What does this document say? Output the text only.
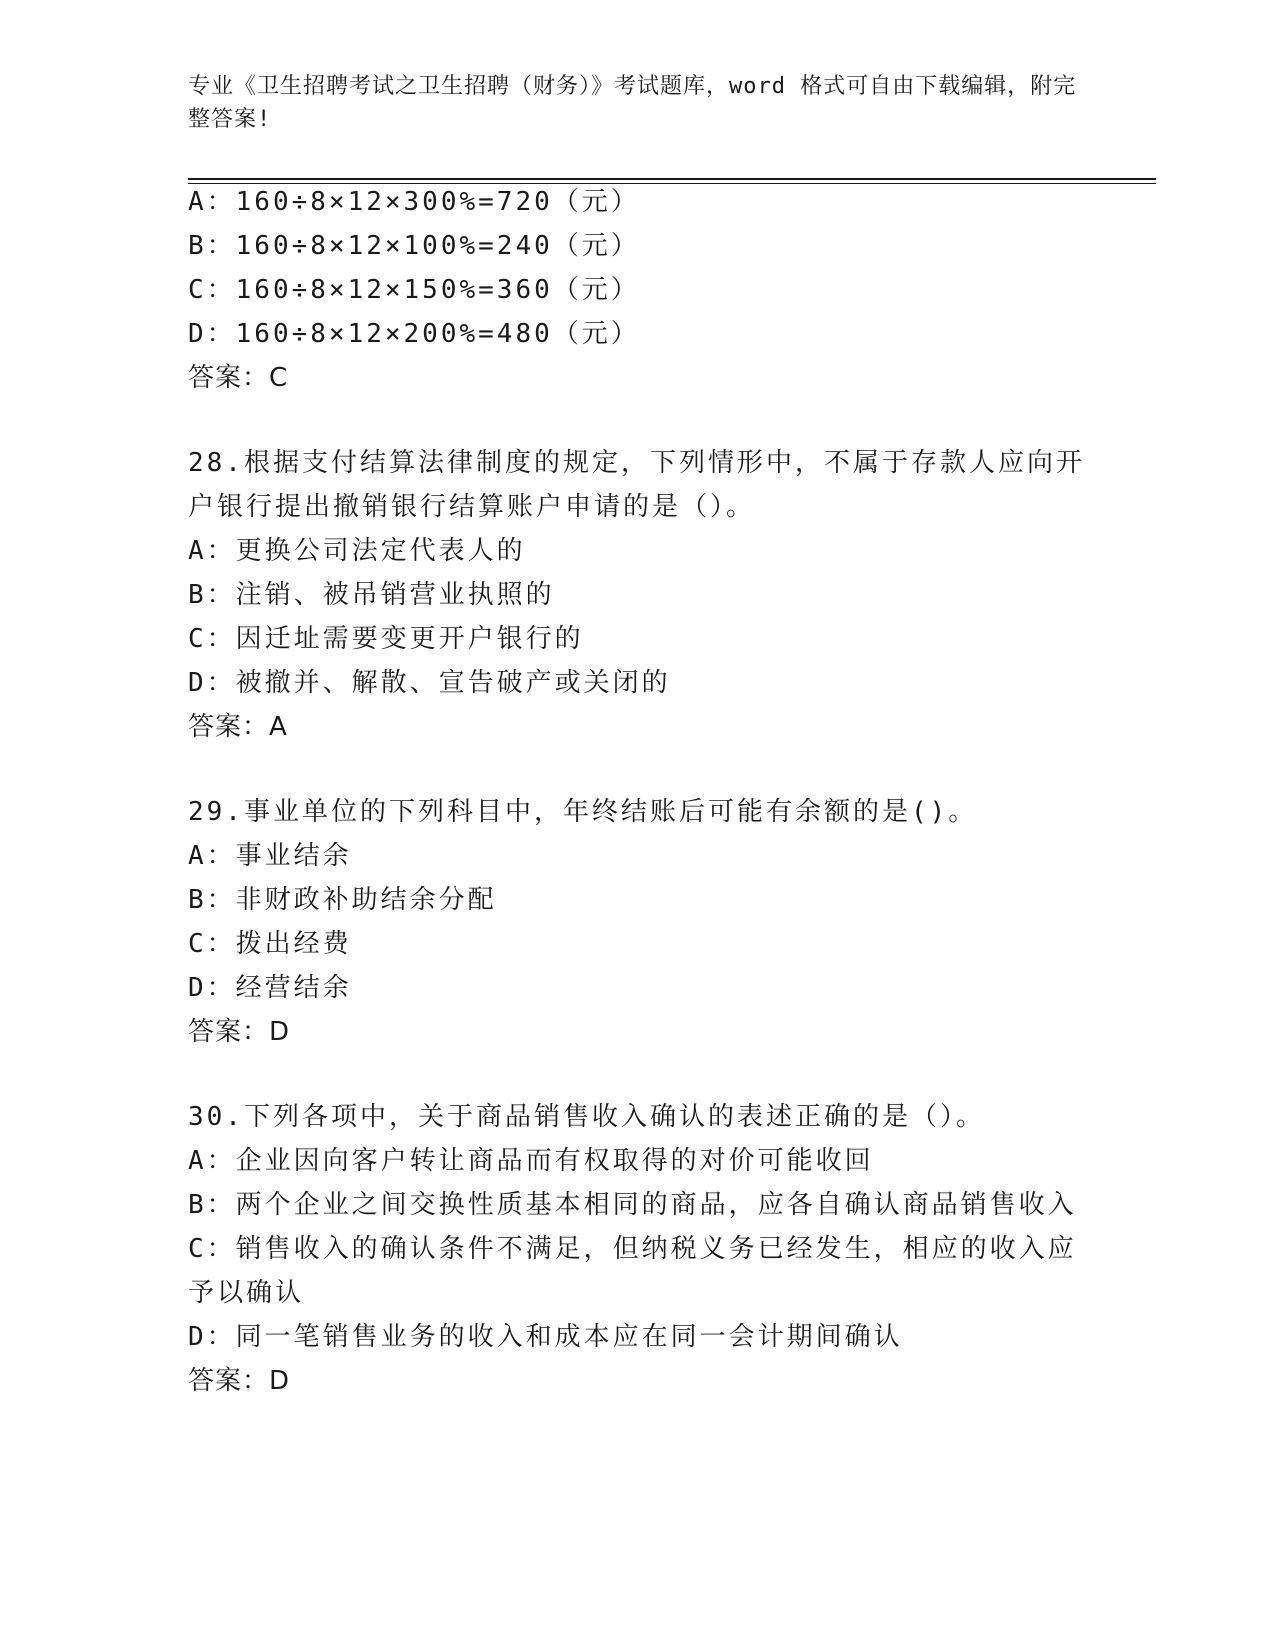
专业《卫生招聘考试之卫生招聘（财务）》考试题库，word 格式可自由下载编辑，附完整答案!
A：160÷8×12×300%=720（元）
B：160÷8×12×100%=240（元）
C：160÷8×12×150%=360（元）
D：160÷8×12×200%=480（元）
答案：C
28.根据支付结算法律制度的规定，下列情形中，不属于存款人应向开
户银行提出撤销银行结算账户申请的是（）。
A：更换公司法定代表人的
B：注销、被吊销营业执照的
C：因迁址需要变更开户银行的
D：被撤并、解散、宣告破产或关闭的
答案：A
29.事业单位的下列科目中，年终结账后可能有余额的是()。
A：事业结余
B：非财政补助结余分配
C：拨出经费
D：经营结余
答案：D
30.下列各项中，关于商品销售收入确认的表述正确的是（）。
A：企业因向客户转让商品而有权取得的对价可能收回
B：两个企业之间交换性质基本相同的商品，应各自确认商品销售收入
C：销售收入的确认条件不满足，但纳税义务已经发生，相应的收入应
予以确认
D：同一笔销售业务的收入和成本应在同一会计期间确认
答案：D
